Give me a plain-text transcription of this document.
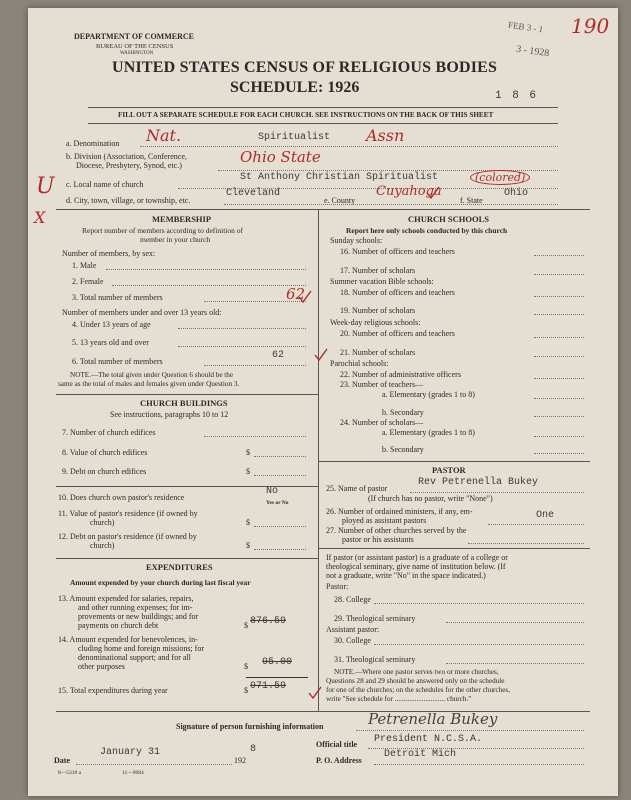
DEPARTMENT OF COMMERCE
BUREAU OF THE CENSUS
WASHINGTON
UNITED STATES CENSUS OF RELIGIOUS BODIES
SCHEDULE: 1926
190
FEB 3 - 1
3 - 1928
1 8 6
FILL OUT A SEPARATE SCHEDULE FOR EACH CHURCH. SEE INSTRUCTIONS ON THE BACK OF THIS SHEET
a. Denomination Nat.	Spiritualist Assn
b. Division (Association, Conference,
Diocese, Presbytery, Synod, etc.)	Ohio State
c. Local name of church
St Anthony Christian Spiritualist	(colored)
d. City, town, village, or township, etc.
Cleveland
e. County
Cuyahoga
f. State
Ohio
U
X	MEMBERSHIP
Report number of members according to definition of
member in your church
Number of members, by sex:
1. Male
2. Female
3. Total number of members	62
Number of members under and over 13 years old:
4. Under 13 years of age
5. 13 years old and over
6. Total number of members
62
NOTE.—The total given under Question 6 should be the
same as the total of males and females given under Question 3.
CHURCH BUILDINGS
See instructions, paragraphs 10 to 12
7. Number of church edifices
8. Value of church edifices	$
9. Debt on church edifices	$
10. Does church own pastor's residence
No
Yes or No
11. Value of pastor's residence (if owned by
church)	$
12. Debt on pastor's residence (if owned by
church)	$
EXPENDITURES
Amount expended by your church during last fiscal year
13. Amount expended for salaries, repairs,
and other running expenses; for im-
provements or new buildings; and for
payments on church debt	$ 876.59
14. Amount expended for benevolences, in-
cluding home and foreign missions; for
denominational support; and for all
other purposes	$ 95.00
15. Total expenditures during year	$ 971.59
CHURCH SCHOOLS
Report here only schools conducted by this church
Sunday schools:
16. Number of officers and teachers
17. Number of scholars
Summer vacation Bible schools:
18. Number of officers and teachers
19. Number of scholars
Week-day religious schools:
20. Number of officers and teachers
21. Number of scholars
Parochial schools:
22. Number of administrative officers
23. Number of teachers—
a. Elementary (grades 1 to 8)
b. Secondary
24. Number of scholars—
a. Elementary (grades 1 to 8)
b. Secondary
PASTOR
25. Name of pastor
Rev Petrenella Bukey
(If church has no pastor, write "None")
26. Number of ordained ministers, if any, em-
ployed as assistant pastors	One
27. Number of other churches served by the
pastor or his assistants
If pastor (or assistant pastor) is a graduate of a college or
theological seminary, give name of institution below. (If
not a graduate, write "No" in the space indicated.)
Pastor:
28. College
29. Theological seminary
Assistant pastor:
30. College
31. Theological seminary
NOTE.—Where one pastor serves two or more churches,
Questions 28 and 29 should be answered only on the schedule
for one of the churches; on the schedules for the other churches,
write "See schedule for ............................ church."
Signature of person furnishing information	Petrenella Bukey
Official title President N.C.S.A.
Date
January 31
192
8
P. O. Address
Detroit Mich
8—5318 a	11—9084
